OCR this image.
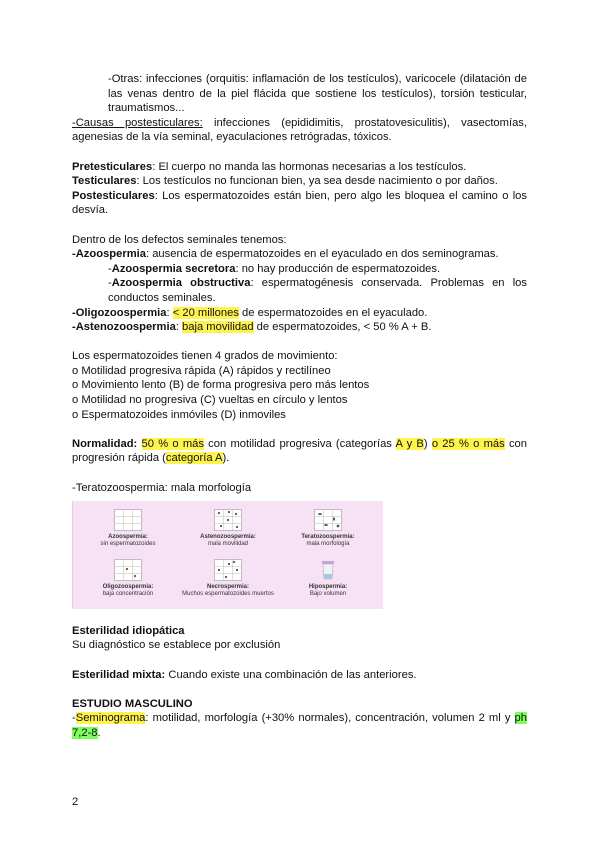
-Otras: infecciones (orquitis: inflamación de los testículos), varicocele (dilatación de las venas dentro de la piel flácida que sostiene los testículos), torsión testicular, traumatismos...

-Causas postesticulares: infecciones (epididimitis, prostatovesiculitis), vasectomías, agenesias de la vía seminal, eyaculaciones retrógradas, tóxicos.

Pretesticulares: El cuerpo no manda las hormonas necesarias a los testículos.

Testiculares: Los testículos no funcionan bien, ya sea desde nacimiento o por daños.

Postesticulares: Los espermatozoides están bien, pero algo les bloquea el camino o los desvía.

Dentro de los defectos seminales tenemos:

-Azoospermia: ausencia de espermatozoides en el eyaculado en dos seminogramas.

-Azoospermia secretora: no hay producción de espermatozoides.

-Azoospermia obstructiva: espermatogénesis conservada. Problemas en los conductos seminales.

-Oligozoospermia: < 20 millones de espermatozoides en el eyaculado.

-Astenozoospermia: baja movilidad de espermatozoides, < 50 % A + B.

Los espermatozoides tienen 4 grados de movimiento:

o Motilidad progresiva rápida (A) rápidos y rectilíneo

o Movimiento lento (B) de forma progresiva pero más lentos

o Motilidad no progresiva (C) vueltas en círculo y lentos

o Espermatozoides inmóviles (D) inmoviles

Normalidad: 50 % o más con motilidad progresiva (categorías A y B) o 25 % o más con progresión rápida (categoría A).

-Teratozoospermia: mala morfología

Azoospermia:
sin espermatozoides
Astenozoospermia:
mala movilidad
Teratozoospermia:
mala morfología
Oligozoospermia:
baja concentración
Necrospermia:
Muchos espermatozoides muertos
Hipospermia:
Bajo volumen

Esterilidad idiopática

Su diagnóstico se establece por exclusión

Esterilidad mixta: Cuando existe una combinación de las anteriores.

ESTUDIO MASCULINO

-Seminograma: motilidad, morfología (+30% normales), concentración, volumen 2 ml y ph 7,2-8.

2
